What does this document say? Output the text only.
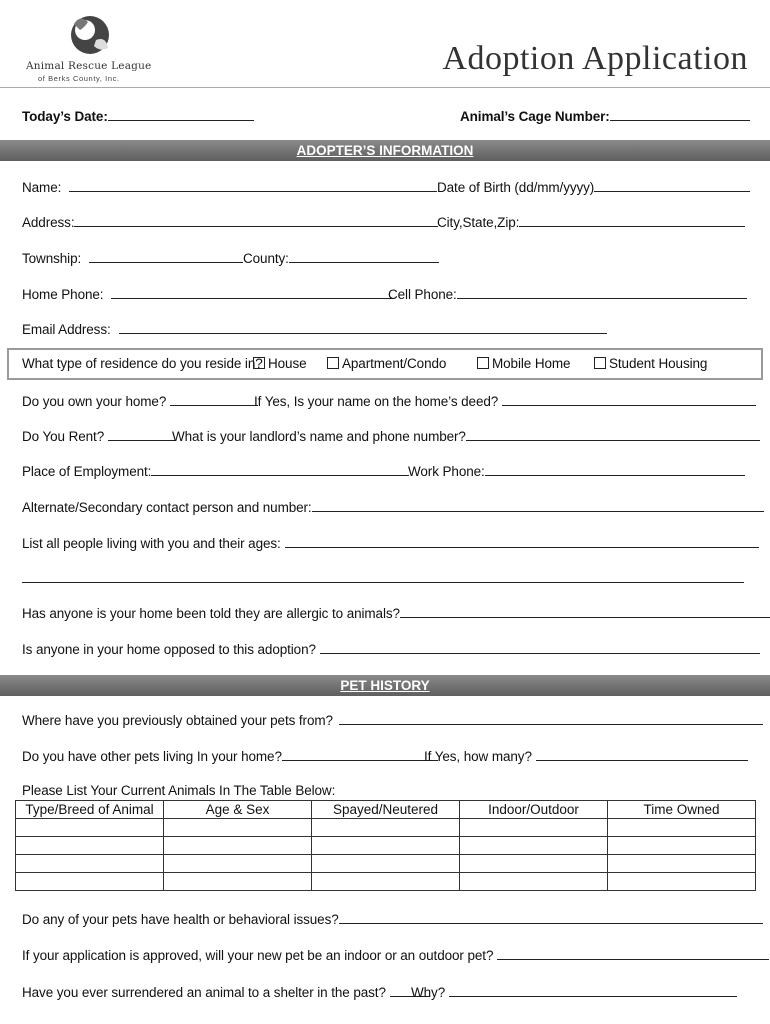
Animal Rescue League
of Berks County, Inc.
Adoption Application
Today’s Date:	Animal’s Cage Number:
ADOPTER’S INFORMATION
Name:	Date of Birth (dd/mm/yyyy)
Address:	City,State,Zip:
Township:	County:
Home Phone:	Cell Phone:
Email Address:
What type of residence do you reside in? House	Apartment/Condo	Mobile Home	Student Housing
Do you own your home?	If Yes, Is your name on the home’s deed?
Do You Rent?	What is your landlord’s name and phone number?
Place of Employment:	Work Phone:
Alternate/Secondary contact person and number:
List all people living with you and their ages:
Has anyone is your home been told they are allergic to animals?
Is anyone in your home opposed to this adoption?
PET HISTORY
Where have you previously obtained your pets from?
Do you have other pets living In your home?	If Yes, how many?
Please List Your Current Animals In The Table Below:
Type/Breed of Animal	Age & Sex	Spayed/Neutered	Indoor/Outdoor	Time Owned

Do any of your pets have health or behavioral issues?
If your application is approved, will your new pet be an indoor or an outdoor pet?
Have you ever surrendered an animal to a shelter in the past?	Why?
